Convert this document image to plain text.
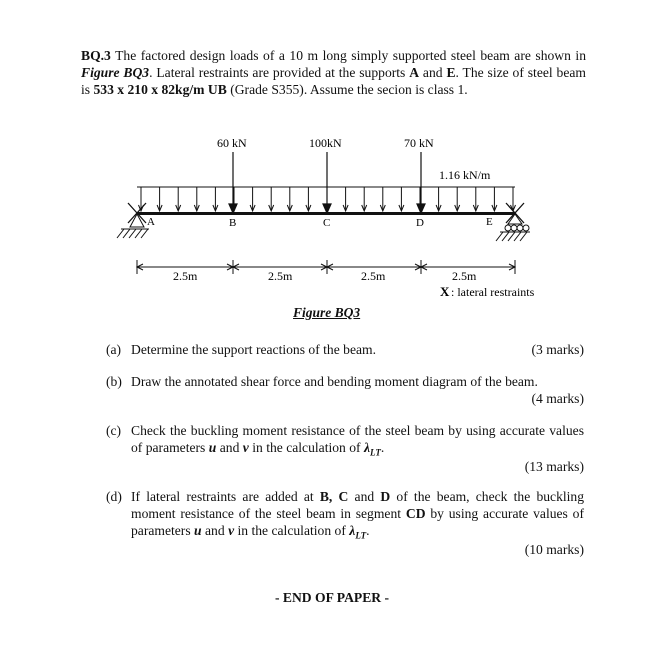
BQ.3 The factored design loads of a 10 m long simply supported steel beam are shown in Figure BQ3. Lateral restraints are provided at the supports A and E. The size of steel beam is 533 x 210 x 82kg/m UB (Grade S355). Assume the secion is class 1.
60 kN	100kN	70 kN
1.16 kN/m
A	E
B	C	D
2.5m	2.5m	2.5m	2.5m
X : lateral restraints
Figure BQ3
(a) Determine the support reactions of the beam.	(3 marks)
(b) Draw the annotated shear force and bending moment diagram of the beam.
(4 marks)
(c) Check the buckling moment resistance of the steel beam by using accurate values of parameters u and v in the calculation of $\lambda_{LT}$.
(13 marks)
(d) If lateral restraints are added at B, C and D of the beam, check the buckling moment resistance of the steel beam in segment CD by using accurate values of parameters u and v in the calculation of $\lambda_{LT}$.
(10 marks)
- END OF PAPER -
